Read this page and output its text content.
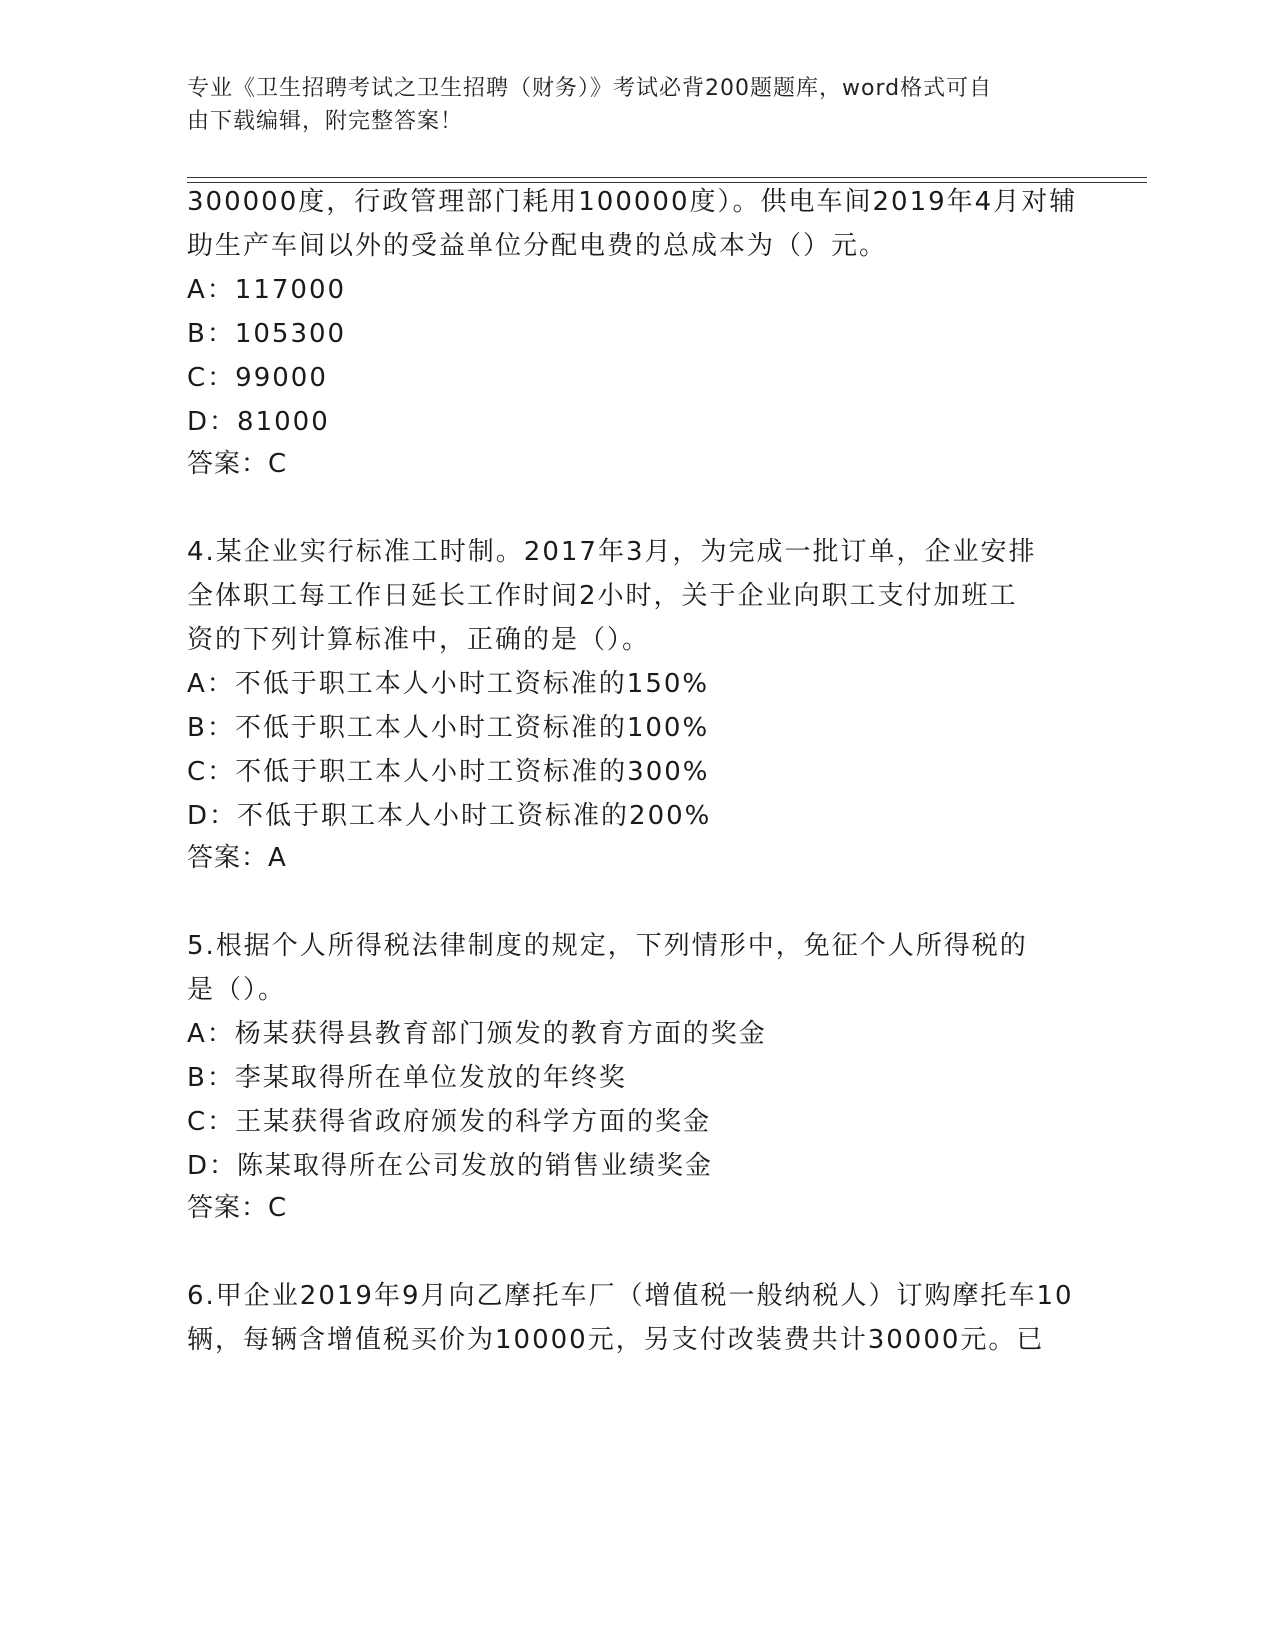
专业《卫生招聘考试之卫生招聘（财务）》考试必背200题题库，word格式可自
由下载编辑，附完整答案！
300000度，行政管理部门耗用100000度）。供电车间2019年4月对辅
助生产车间以外的受益单位分配电费的总成本为（）元。
A：117000
B：105300
C：99000
D：81000
答案：C
4.某企业实行标准工时制。2017年3月，为完成一批订单，企业安排
全体职工每工作日延长工作时间2小时，关于企业向职工支付加班工
资的下列计算标准中，正确的是（）。
A：不低于职工本人小时工资标准的150%
B：不低于职工本人小时工资标准的100%
C：不低于职工本人小时工资标准的300%
D：不低于职工本人小时工资标准的200%
答案：A
5.根据个人所得税法律制度的规定，下列情形中，免征个人所得税的
是（）。
A：杨某获得县教育部门颁发的教育方面的奖金
B：李某取得所在单位发放的年终奖
C：王某获得省政府颁发的科学方面的奖金
D：陈某取得所在公司发放的销售业绩奖金
答案：C
6.甲企业2019年9月向乙摩托车厂（增值税一般纳税人）订购摩托车10
辆，每辆含增值税买价为10000元，另支付改装费共计30000元。已
